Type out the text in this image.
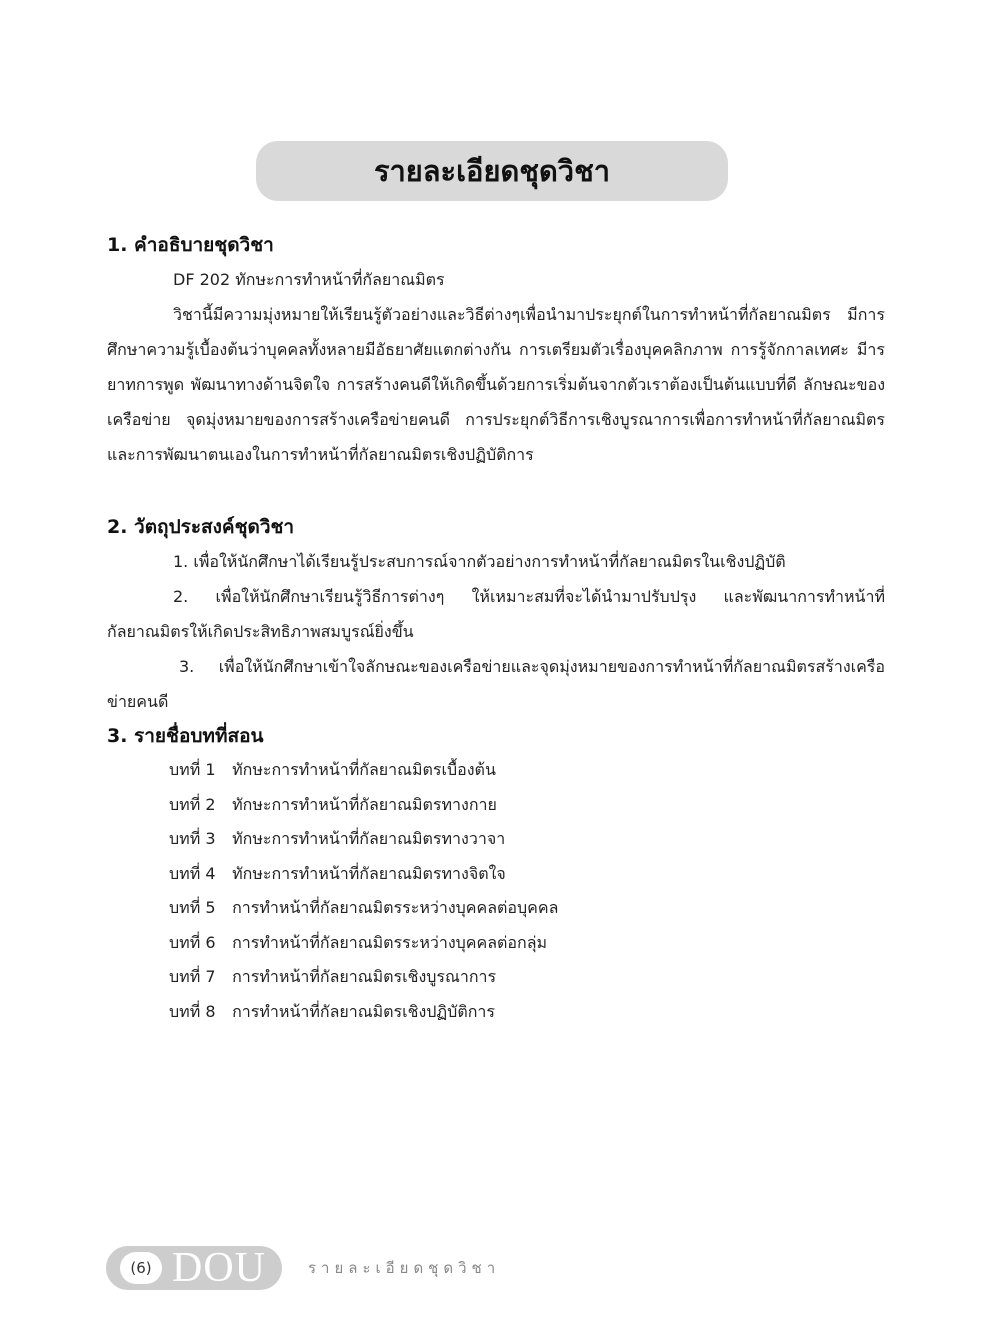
รายละเอียดชุดวิชา
1. คำอธิบายชุดวิชา

DF 202 ทักษะการทำหน้าที่กัลยาณมิตร

วิชานี้มีความมุ่งหมายให้เรียนรู้ตัวอย่างและวิธีต่างๆเพื่อนำมาประยุกต์ในการทำหน้าที่กัลยาณมิตร มีการศึกษาความรู้เบื้องต้นว่าบุคคลทั้งหลายมีอัธยาศัยแตกต่างกัน การเตรียมตัวเรื่องบุคคลิกภาพ การรู้จักกาลเทศะ มีารยาทการพูด พัฒนาทางด้านจิตใจ การสร้างคนดีให้เกิดขึ้นด้วยการเริ่มต้นจากตัวเราต้องเป็นต้นแบบที่ดี ลักษณะของเครือข่าย จุดมุ่งหมายของการสร้างเครือข่ายคนดี การประยุกต์วิธีการเชิงบูรณาการเพื่อการทำหน้าที่กัลยาณมิตรและการพัฒนาตนเองในการทำหน้าที่กัลยาณมิตรเชิงปฏิบัติการ

2. วัตถุประสงค์ชุดวิชา

1. เพื่อให้นักศึกษาได้เรียนรู้ประสบการณ์จากตัวอย่างการทำหน้าที่กัลยาณมิตรในเชิงปฏิบัติ

2. เพื่อให้นักศึกษาเรียนรู้วิธีการต่างๆ ให้เหมาะสมที่จะได้นำมาปรับปรุง และพัฒนาการทำหน้าที่กัลยาณมิตรให้เกิดประสิทธิภาพสมบูรณ์ยิ่งขึ้น

3. เพื่อให้นักศึกษาเข้าใจลักษณะของเครือข่ายและจุดมุ่งหมายของการทำหน้าที่กัลยาณมิตรสร้างเครือข่ายคนดี

3. รายชื่อบทที่สอน
บทที่ 1 ทักษะการทำหน้าที่กัลยาณมิตรเบื้องต้น
บทที่ 2 ทักษะการทำหน้าที่กัลยาณมิตรทางกาย
บทที่ 3 ทักษะการทำหน้าที่กัลยาณมิตรทางวาจา
บทที่ 4 ทักษะการทำหน้าที่กัลยาณมิตรทางจิตใจ
บทที่ 5 การทำหน้าที่กัลยาณมิตรระหว่างบุคคลต่อบุคคล
บทที่ 6 การทำหน้าที่กัลยาณมิตรระหว่างบุคคลต่อกลุ่ม
บทที่ 7 การทำหน้าที่กัลยาณมิตรเชิงบูรณาการ
บทที่ 8 การทำหน้าที่กัลยาณมิตรเชิงปฏิบัติการ
(6) DOU	รายละเอียดชุดวิชา
